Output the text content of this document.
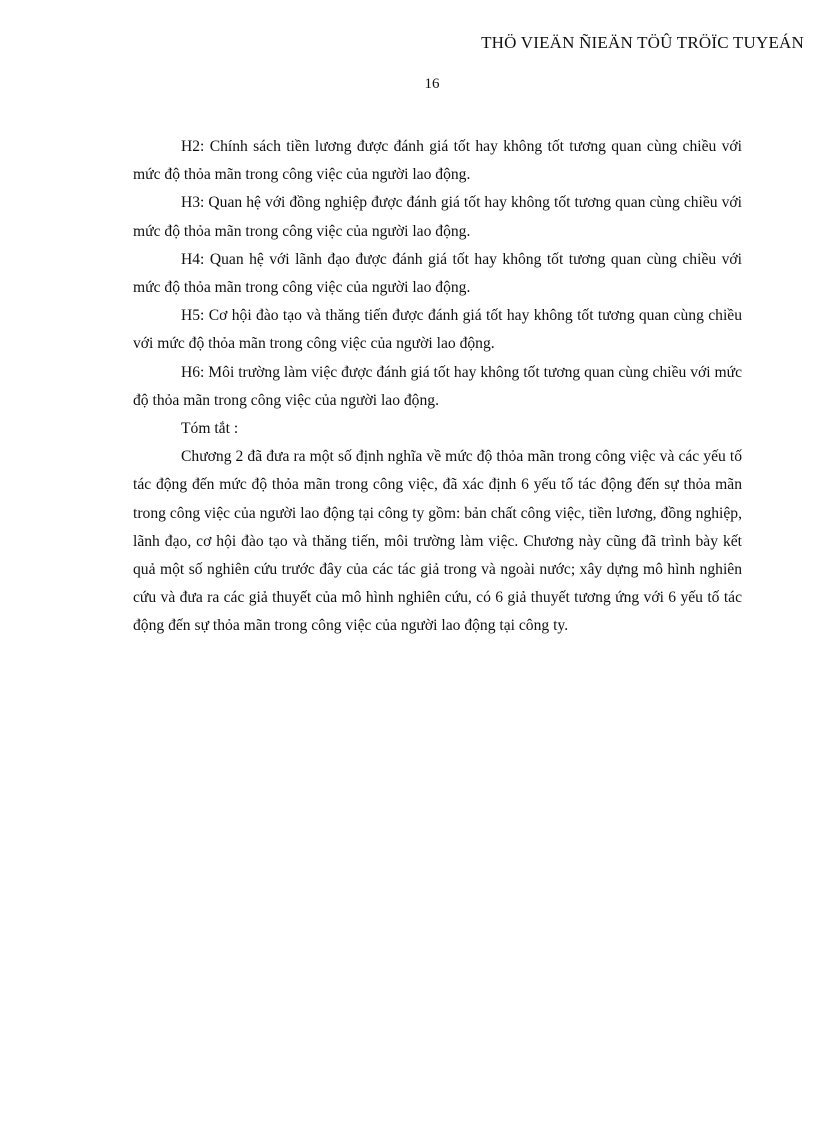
THÖ VIEÄN ÑIEÄN TÖÛ TRÖÏC TUYEÁN
16

H2: Chính sách tiền lương được đánh giá tốt hay không tốt tương quan cùng chiều với mức độ thỏa mãn trong công việc của người lao động.

H3: Quan hệ với đồng nghiệp được đánh giá tốt hay không tốt tương quan cùng chiều với mức độ thỏa mãn trong công việc của người lao động.

H4: Quan hệ với lãnh đạo được đánh giá tốt hay không tốt tương quan cùng chiều với mức độ thỏa mãn trong công việc của người lao động.

H5: Cơ hội đào tạo và thăng tiến được đánh giá tốt hay không tốt tương quan cùng chiều với mức độ thỏa mãn trong công việc của người lao động.

H6: Môi trường làm việc được đánh giá tốt hay không tốt tương quan cùng chiều với mức độ thỏa mãn trong công việc của người lao động.

Tóm tắt :

Chương 2 đã đưa ra một số định nghĩa về mức độ thỏa mãn trong công việc và các yếu tố tác động đến mức độ thỏa mãn trong công việc, đã xác định 6 yếu tố tác động đến sự thỏa mãn trong công việc của người lao động tại công ty gồm: bản chất công việc, tiền lương, đồng nghiệp, lãnh đạo, cơ hội đào tạo và thăng tiến, môi trường làm việc. Chương này cũng đã trình bày kết quả một số nghiên cứu trước đây của các tác giả trong và ngoài nước; xây dựng mô hình nghiên cứu và đưa ra các giả thuyết của mô hình nghiên cứu, có 6 giả thuyết tương ứng với 6 yếu tố tác động đến sự thỏa mãn trong công việc của người lao động tại công ty.
